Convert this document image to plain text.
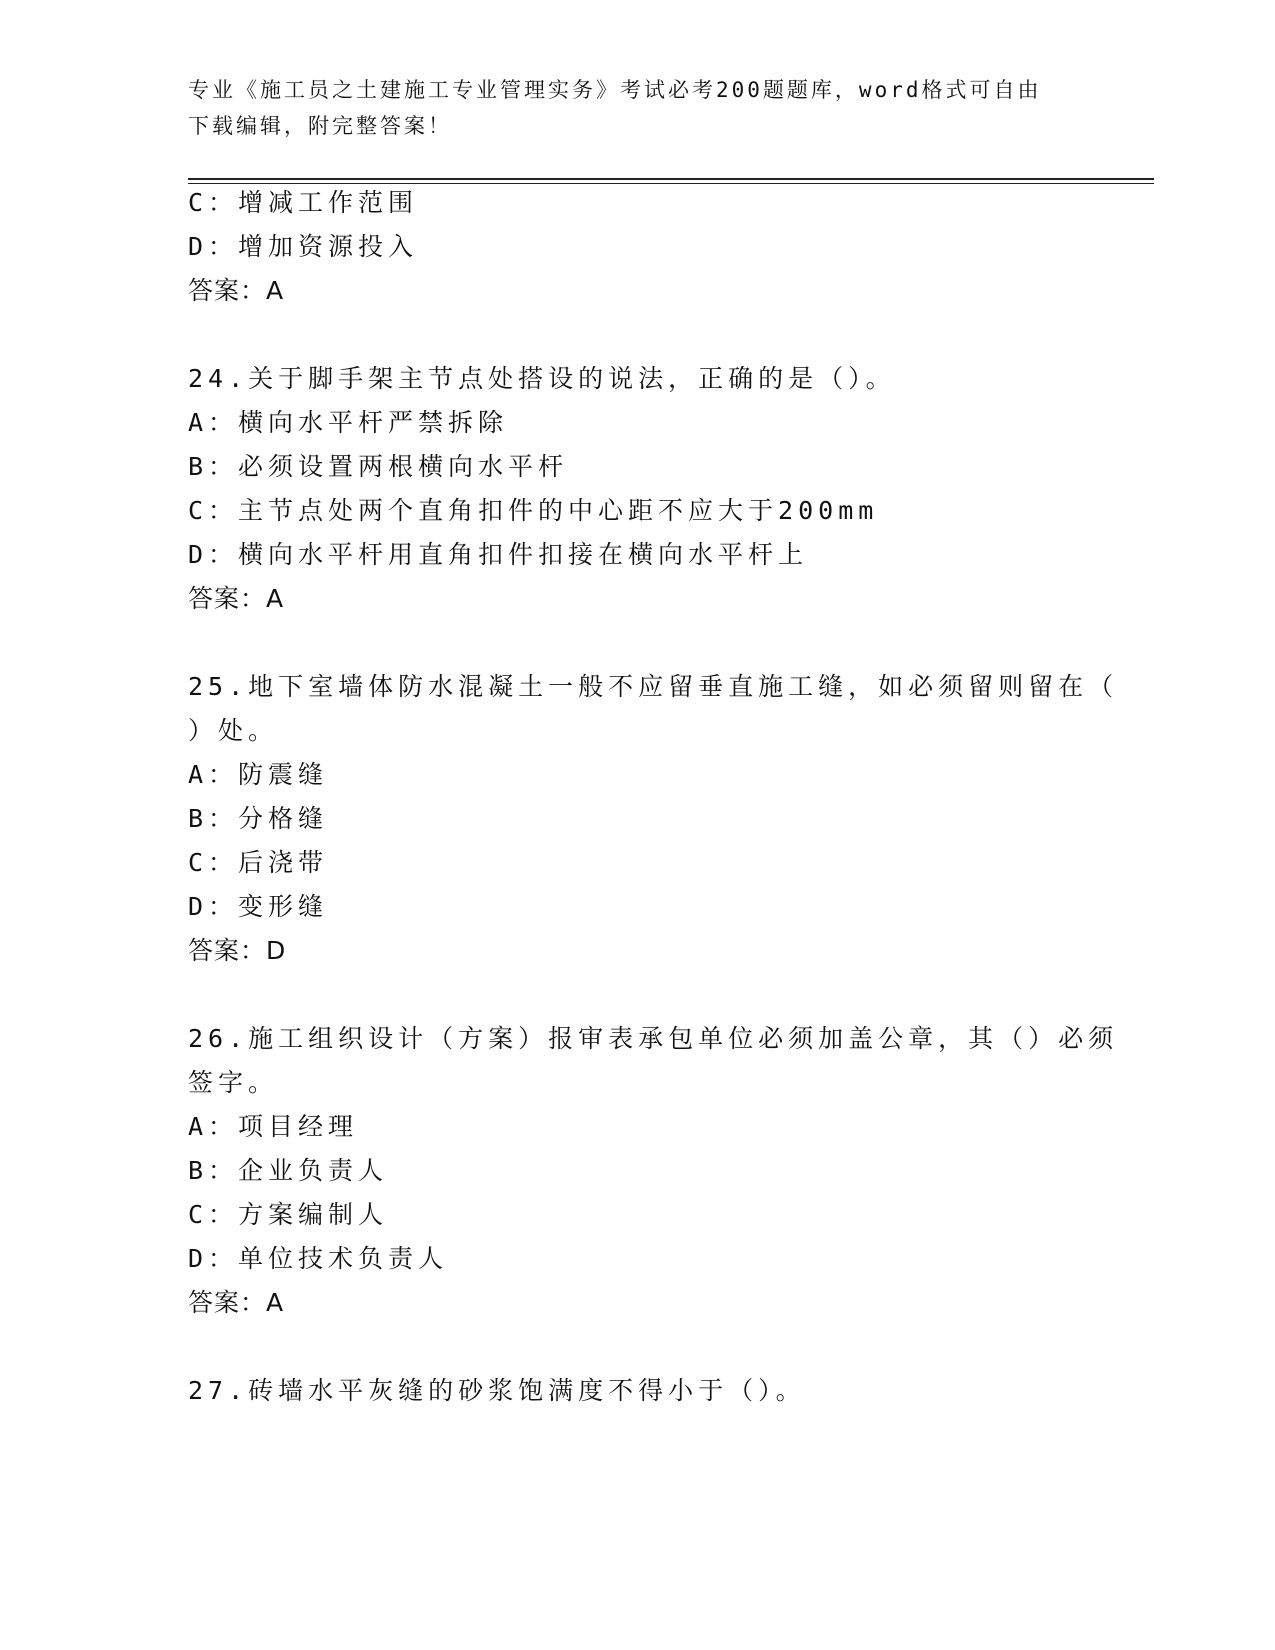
专业《施工员之土建施工专业管理实务》考试必考200题题库，word格式可自由
下载编辑，附完整答案！
C：增减工作范围
D：增加资源投入
答案：A
24.关于脚手架主节点处搭设的说法，正确的是（）。
A：横向水平杆严禁拆除
B：必须设置两根横向水平杆
C：主节点处两个直角扣件的中心距不应大于200mm
D：横向水平杆用直角扣件扣接在横向水平杆上
答案：A
25.地下室墙体防水混凝土一般不应留垂直施工缝，如必须留则留在（
）处。
A：防震缝
B：分格缝
C：后浇带
D：变形缝
答案：D
26.施工组织设计（方案）报审表承包单位必须加盖公章，其（）必须
签字。
A：项目经理
B：企业负责人
C：方案编制人
D：单位技术负责人
答案：A
27.砖墙水平灰缝的砂浆饱满度不得小于（）。
